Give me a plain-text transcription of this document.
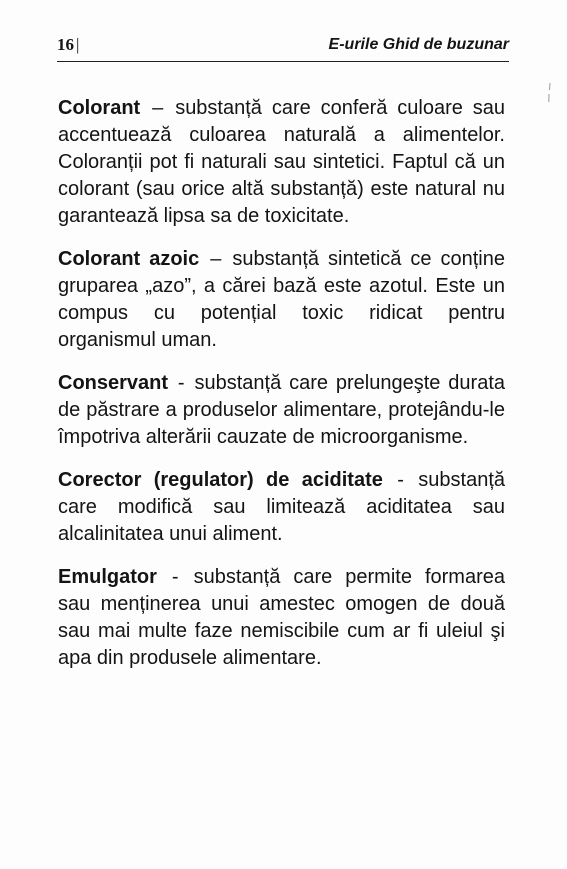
16 |	E-urile Ghid de buzunar

Colorant – substanță care conferă culoare sau accentuează culoarea naturală a alimentelor. Coloranții pot fi naturali sau sintetici. Faptul că un colorant (sau orice altă substanță) este natural nu garantează lipsa sa de toxicitate.

Colorant azoic – substanță sintetică ce conține gruparea „azo”, a cărei bază este azotul. Este un compus cu potențial toxic ridicat pentru organismul uman.

Conservant - substanță care prelungeşte durata de păstrare a produselor alimentare, protejându-le împotriva alterării cauzate de microorganisme.

Corector (regulator) de aciditate - substanță care modifică sau limitează aciditatea sau alcalinitatea unui aliment.

Emulgator - substanță care permite formarea sau menținerea unui amestec omogen de două sau mai multe faze nemiscibile cum ar fi uleiul şi apa din produsele alimentare.
